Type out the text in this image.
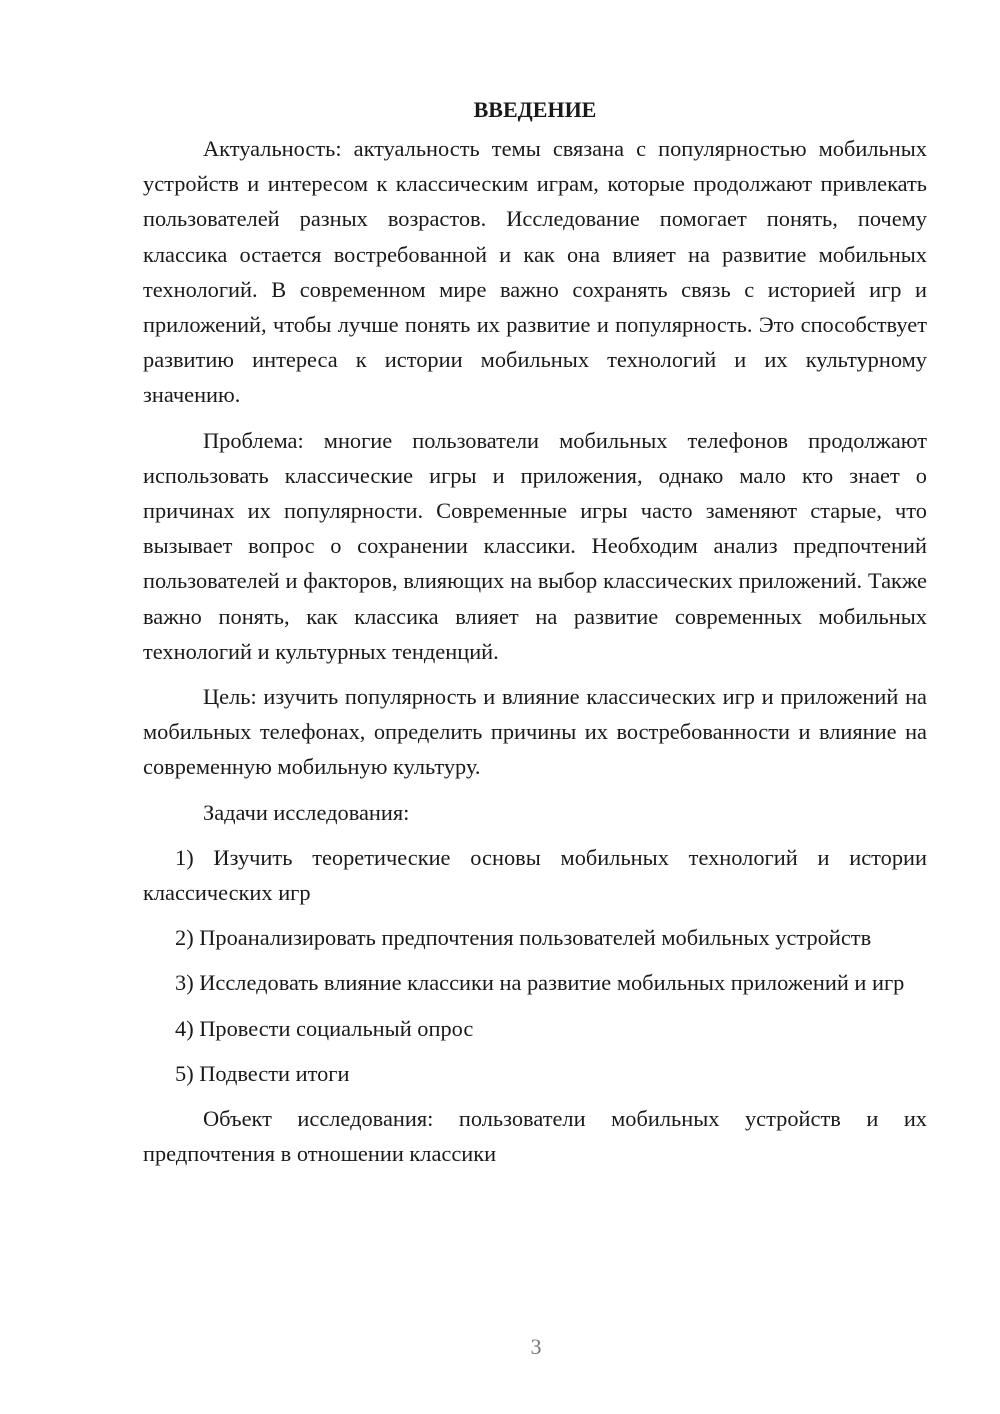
ВВЕДЕНИЕ

Актуальность: актуальность темы связана с популярностью мобильных устройств и интересом к классическим играм, которые продолжают привлекать пользователей разных возрастов. Исследование помогает понять, почему классика остается востребованной и как она влияет на развитие мобильных технологий. В современном мире важно сохранять связь с историей игр и приложений, чтобы лучше понять их развитие и популярность. Это способствует развитию интереса к истории мобильных технологий и их культурному значению.

Проблема: многие пользователи мобильных телефонов продолжают использовать классические игры и приложения, однако мало кто знает о причинах их популярности. Современные игры часто заменяют старые, что вызывает вопрос о сохранении классики. Необходим анализ предпочтений пользователей и факторов, влияющих на выбор классических приложений. Также важно понять, как классика влияет на развитие современных мобильных технологий и культурных тенденций.

Цель: изучить популярность и влияние классических игр и приложений на мобильных телефонах, определить причины их востребованности и влияние на современную мобильную культуру.

Задачи исследования:

1) Изучить теоретические основы мобильных технологий и истории классических игр

2) Проанализировать предпочтения пользователей мобильных устройств

3) Исследовать влияние классики на развитие мобильных приложений и игр

4) Провести социальный опрос

5) Подвести итоги

Объект исследования: пользователи мобильных устройств и их предпочтения в отношении классики

3
